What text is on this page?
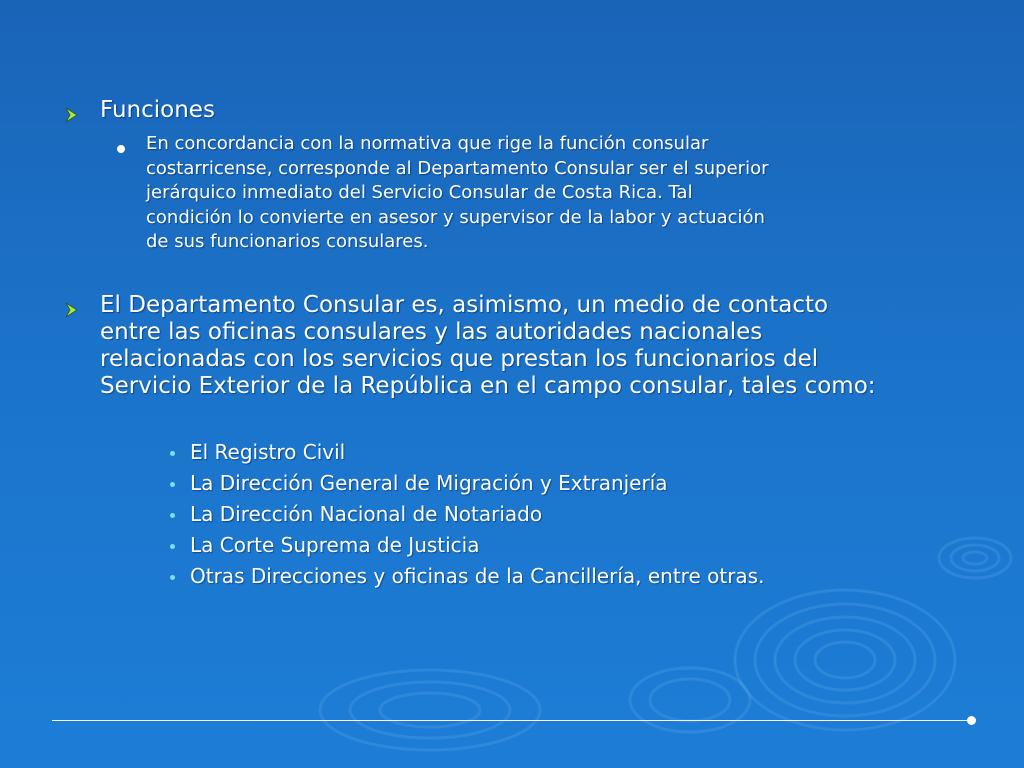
Funciones
En concordancia con la normativa que rige la función consular
costarricense, corresponde al Departamento Consular ser el superior
jerárquico inmediato del Servicio Consular de Costa Rica. Tal
condición lo convierte en asesor y supervisor de la labor y actuación
de sus funcionarios consulares.
El Departamento Consular es, asimismo, un medio de contacto
entre las oficinas consulares y las autoridades nacionales
relacionadas con los servicios que prestan los funcionarios del
Servicio Exterior de la República en el campo consular, tales como:
El Registro Civil
La Dirección General de Migración y Extranjería
La Dirección Nacional de Notariado
La Corte Suprema de Justicia
Otras Direcciones y oficinas de la Cancillería, entre otras.
